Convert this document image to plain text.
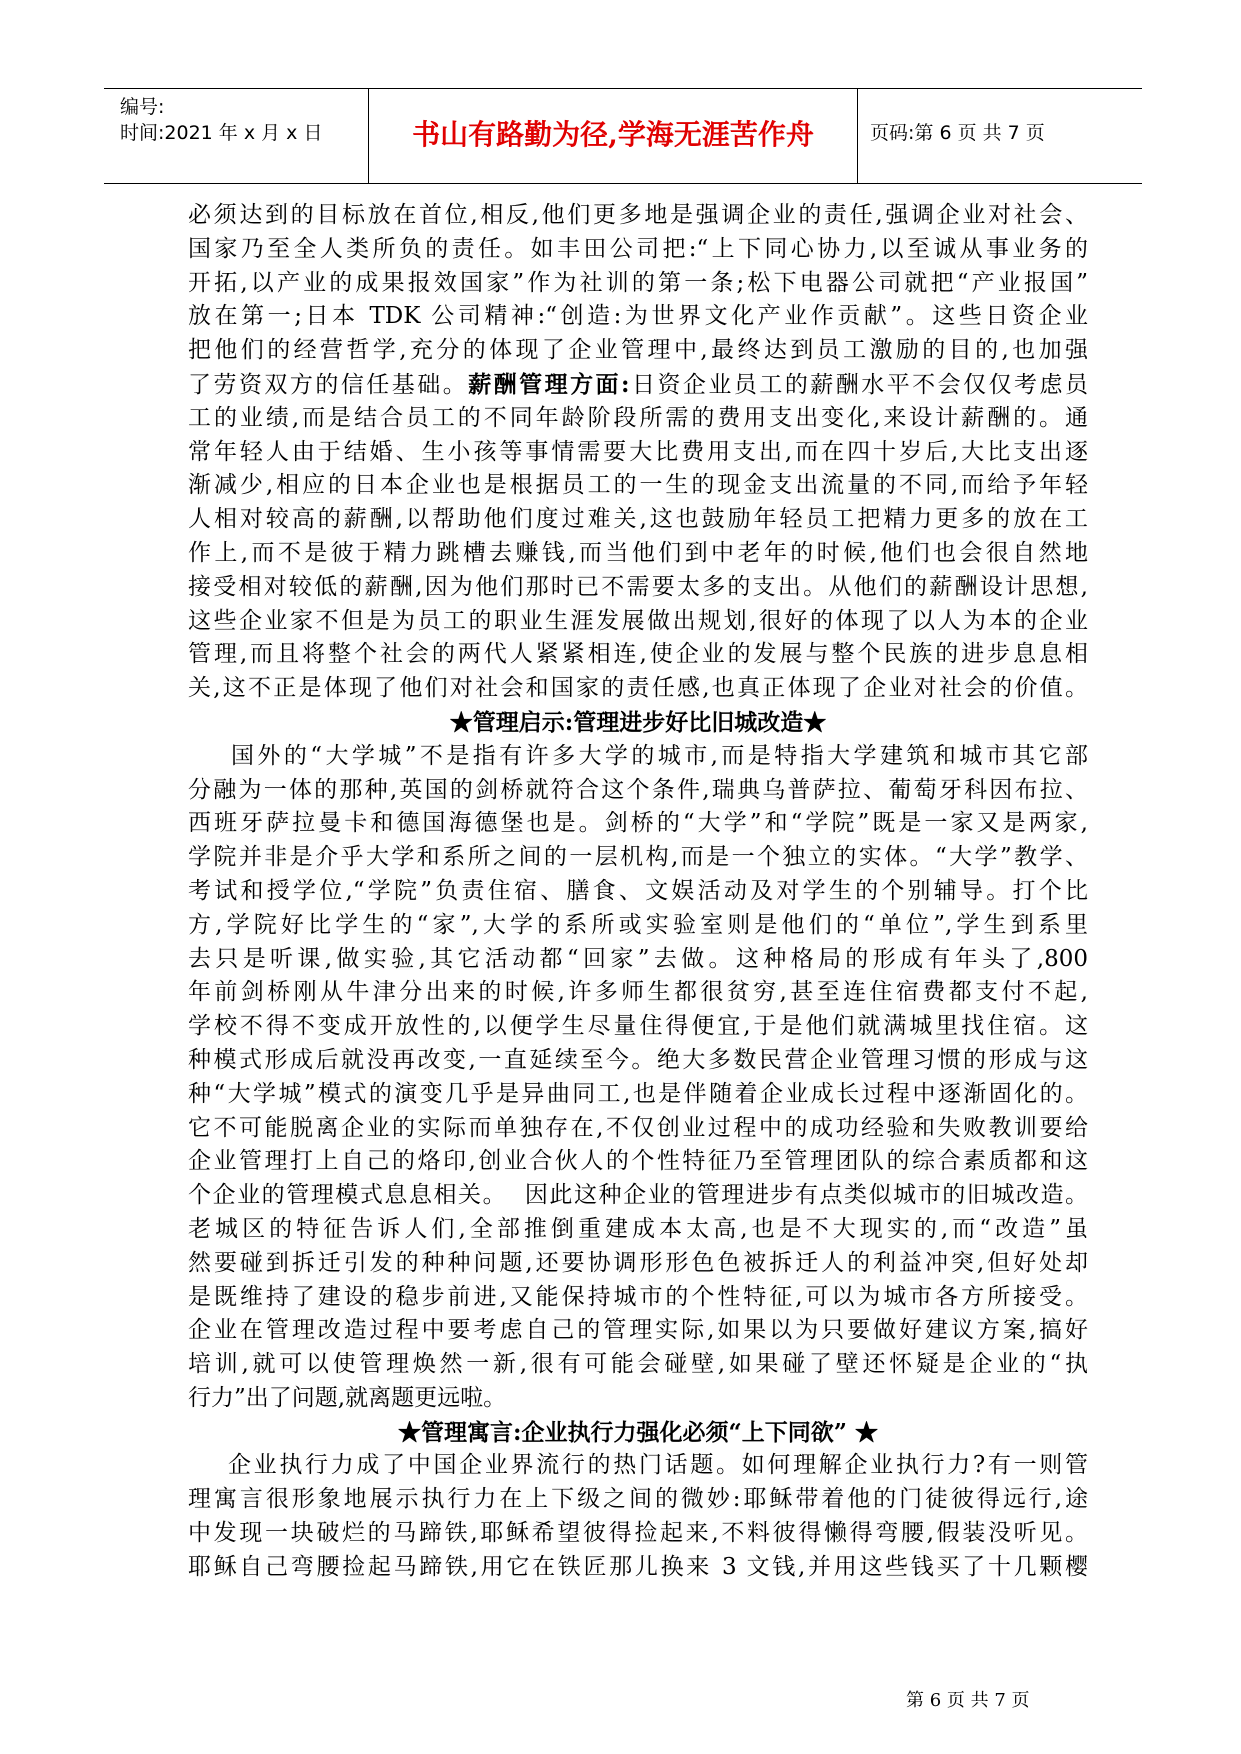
编号:
时间:2021 年 x 月 x 日	书山有路勤为径,学海无涯苦作舟	页码:第 6 页 共 7 页
必须达到的目标放在首位,相反,他们更多地是强调企业的责任,强调企业对社会、
国家乃至全人类所负的责任。如丰田公司把:“上下同心协力,以至诚从事业务的
开拓,以产业的成果报效国家”作为社训的第一条;松下电器公司就把“产业报国”
放在第一;日本 TDK 公司精神:“创造:为世界文化产业作贡献”。这些日资企业
把他们的经营哲学,充分的体现了企业管理中,最终达到员工激励的目的,也加强
了劳资双方的信任基础。薪酬管理方面:日资企业员工的薪酬水平不会仅仅考虑员
工的业绩,而是结合员工的不同年龄阶段所需的费用支出变化,来设计薪酬的。通
常年轻人由于结婚、生小孩等事情需要大比费用支出,而在四十岁后,大比支出逐
渐减少,相应的日本企业也是根据员工的一生的现金支出流量的不同,而给予年轻
人相对较高的薪酬,以帮助他们度过难关,这也鼓励年轻员工把精力更多的放在工
作上,而不是彼于精力跳槽去赚钱,而当他们到中老年的时候,他们也会很自然地
接受相对较低的薪酬,因为他们那时已不需要太多的支出。从他们的薪酬设计思想,
这些企业家不但是为员工的职业生涯发展做出规划,很好的体现了以人为本的企业
管理,而且将整个社会的两代人紧紧相连,使企业的发展与整个民族的进步息息相
关,这不正是体现了他们对社会和国家的责任感,也真正体现了企业对社会的价值。
★管理启示:管理进步好比旧城改造★
国外的“大学城”不是指有许多大学的城市,而是特指大学建筑和城市其它部
分融为一体的那种,英国的剑桥就符合这个条件,瑞典乌普萨拉、葡萄牙科因布拉、
西班牙萨拉曼卡和德国海德堡也是。剑桥的“大学”和“学院”既是一家又是两家,
学院并非是介乎大学和系所之间的一层机构,而是一个独立的实体。“大学”教学、
考试和授学位,“学院”负责住宿、膳食、文娱活动及对学生的个别辅导。打个比
方,学院好比学生的“家”,大学的系所或实验室则是他们的“单位”,学生到系里
去只是听课,做实验,其它活动都“回家”去做。这种格局的形成有年头了,800
年前剑桥刚从牛津分出来的时候,许多师生都很贫穷,甚至连住宿费都支付不起,
学校不得不变成开放性的,以便学生尽量住得便宜,于是他们就满城里找住宿。这
种模式形成后就没再改变,一直延续至今。绝大多数民营企业管理习惯的形成与这
种“大学城”模式的演变几乎是异曲同工,也是伴随着企业成长过程中逐渐固化的。
它不可能脱离企业的实际而单独存在,不仅创业过程中的成功经验和失败教训要给
企业管理打上自己的烙印,创业合伙人的个性特征乃至管理团队的综合素质都和这
个企业的管理模式息息相关。  因此这种企业的管理进步有点类似城市的旧城改造。
老城区的特征告诉人们,全部推倒重建成本太高,也是不大现实的,而“改造”虽
然要碰到拆迁引发的种种问题,还要协调形形色色被拆迁人的利益冲突,但好处却
是既维持了建设的稳步前进,又能保持城市的个性特征,可以为城市各方所接受。
企业在管理改造过程中要考虑自己的管理实际,如果以为只要做好建议方案,搞好
培训,就可以使管理焕然一新,很有可能会碰壁,如果碰了壁还怀疑是企业的“执
行力”出了问题,就离题更远啦。
★管理寓言:企业执行力强化必须“上下同欲” ★
企业执行力成了中国企业界流行的热门话题。如何理解企业执行力?有一则管
理寓言很形象地展示执行力在上下级之间的微妙:耶稣带着他的门徒彼得远行,途
中发现一块破烂的马蹄铁,耶稣希望彼得捡起来,不料彼得懒得弯腰,假装没听见。
耶稣自己弯腰捡起马蹄铁,用它在铁匠那儿换来 3 文钱,并用这些钱买了十几颗樱
第 6 页 共 7 页
